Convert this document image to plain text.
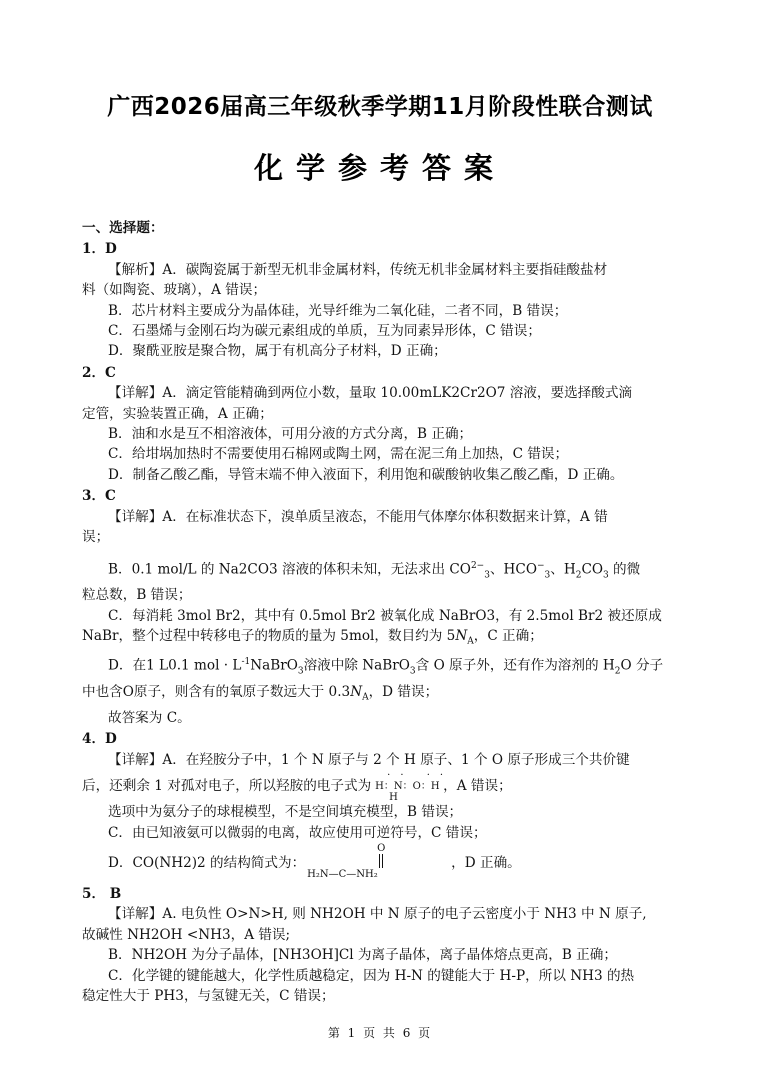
广西2026届高三年级秋季学期11月阶段性联合测试
化学参考答案
一、选择题：
1．D
【解析】A．碳陶瓷属于新型无机非金属材料，传统无机非金属材料主要指硅酸盐材
料（如陶瓷、玻璃），A 错误；
B．芯片材料主要成分为晶体硅，光导纤维为二氧化硅，二者不同，B 错误；
C．石墨烯与金刚石均为碳元素组成的单质，互为同素异形体，C 错误；
D．聚酰亚胺是聚合物，属于有机高分子材料，D 正确；
2．C
【详解】A．滴定管能精确到两位小数，量取 10.00mLK2Cr2O7 溶液，要选择酸式滴
定管，实验装置正确，A 正确；
B．油和水是互不相溶液体，可用分液的方式分离，B 正确；
C．给坩埚加热时不需要使用石棉网或陶土网，需在泥三角上加热，C 错误；
D．制备乙酸乙酯，导管末端不伸入液面下，利用饱和碳酸钠收集乙酸乙酯，D 正确。
3．C
【详解】A．在标准状态下，溴单质呈液态，不能用气体摩尔体积数据来计算，A 错
误；
B．0.1 mol/L 的 Na2CO3 溶液的体积未知，无法求出 $CO^{2-}_3$、$HCO^-_3$、$H_2CO_3$ 的微
粒总数，B 错误；
C．每消耗 3mol Br2，其中有 0.5mol Br2 被氧化成 NaBrO3，有 2.5mol Br2 被还原成
NaBr，整个过程中转移电子的物质的量为 5mol，数目约为 $5N_A$，C 正确；
D．在1 L0.1 mol · $L^{-1}NaBrO_3$溶液中除 NaBrO$_3$含 O 原子外，还有作为溶剂的 $H_2O$ 分子
中也含O原子，则含有的氧原子数远大于 $0.3N_A$，D 错误；
故答案为 C。
4．D
【详解】A．在羟胺分子中，1 个 N 原子与 2 个 H 原子、1 个 O 原子形成三个共价键
后，还剩余 1 对孤对电子，所以羟胺的电子式为
·· ··
H：N：O：H
H
，A 错误；
选项中为氨分子的球棍模型，不是空间填充模型，B 错误；
C．由已知液氨可以微弱的电离，故应使用可逆符号，C 错误；
D．CO(NH2)2 的结构简式为：
O
H₂N—C—NH₂
，D 正确。
5． B
【详解】A. 电负性 O>N>H, 则 NH2OH 中 N 原子的电子云密度小于 NH3 中 N 原子,
故碱性 NH2OH <NH3，A 错误;
B．NH2OH 为分子晶体，[NH3OH]Cl 为离子晶体，离子晶体熔点更高，B 正确；
C．化学键的键能越大，化学性质越稳定，因为 H-N 的键能大于 H-P，所以 NH3 的热
稳定性大于 PH3，与氢键无关，C 错误；
第 1 页 共 6 页
